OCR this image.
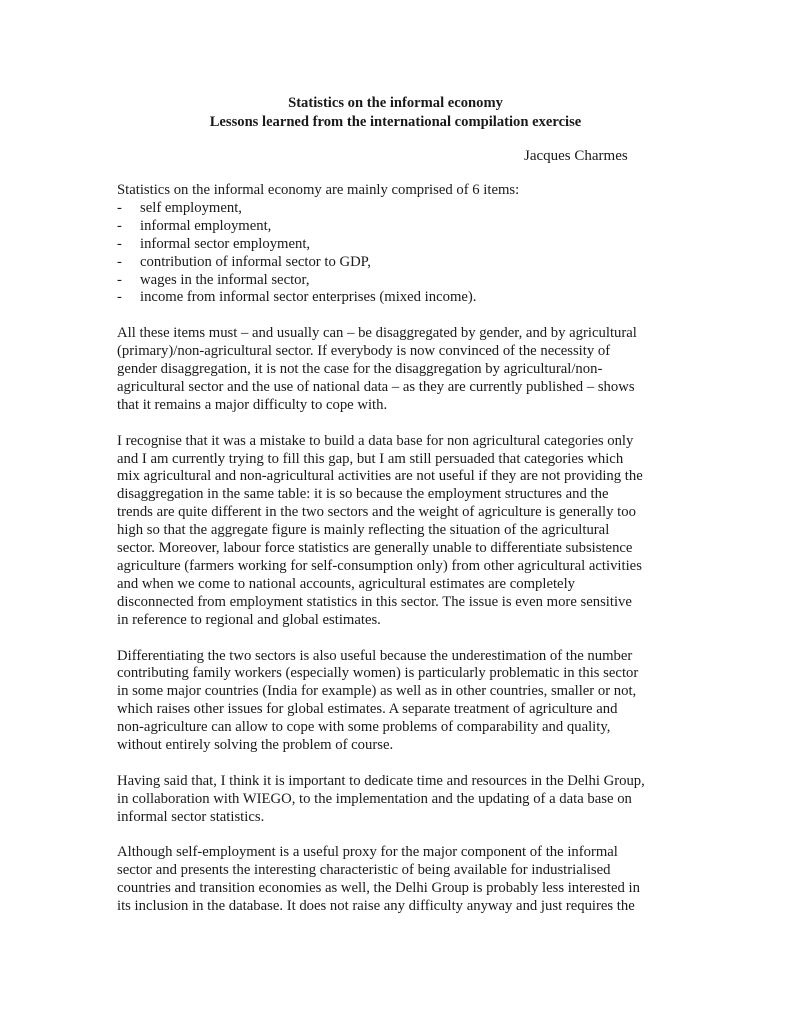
Statistics on the informal economy
Lessons learned from the international compilation exercise
Jacques Charmes
Statistics on the informal economy are mainly comprised of 6 items:
- self employment,
- informal employment,
- informal sector employment,
- contribution of informal sector to GDP,
- wages in the informal sector,
- income from informal sector enterprises (mixed income).
All these items must – and usually can – be disaggregated by gender, and by agricultural
(primary)/non-agricultural sector. If everybody is now convinced of the necessity of
gender disaggregation, it is not the case for the disaggregation by agricultural/non-
agricultural sector and the use of national data – as they are currently published – shows
that it remains a major difficulty to cope with.
I recognise that it was a mistake to build a data base for non agricultural categories only
and I am currently trying to fill this gap, but I am still persuaded that categories which
mix agricultural and non-agricultural activities are not useful if they are not providing the
disaggregation in the same table: it is so because the employment structures and the
trends are quite different in the two sectors and the weight of agriculture is generally too
high so that the aggregate figure is mainly reflecting the situation of the agricultural
sector. Moreover, labour force statistics are generally unable to differentiate subsistence
agriculture (farmers working for self-consumption only) from other agricultural activities
and when we come to national accounts, agricultural estimates are completely
disconnected from employment statistics in this sector. The issue is even more sensitive
in reference to regional and global estimates.
Differentiating the two sectors is also useful because the underestimation of the number
contributing family workers (especially women) is particularly problematic in this sector
in some major countries (India for example) as well as in other countries, smaller or not,
which raises other issues for global estimates. A separate treatment of agriculture and
non-agriculture can allow to cope with some problems of comparability and quality,
without entirely solving the problem of course.
Having said that, I think it is important to dedicate time and resources in the Delhi Group,
in collaboration with WIEGO, to the implementation and the updating of a data base on
informal sector statistics.
Although self-employment is a useful proxy for the major component of the informal
sector and presents the interesting characteristic of being available for industrialised
countries and transition economies as well, the Delhi Group is probably less interested in
its inclusion in the database. It does not raise any difficulty anyway and just requires the
